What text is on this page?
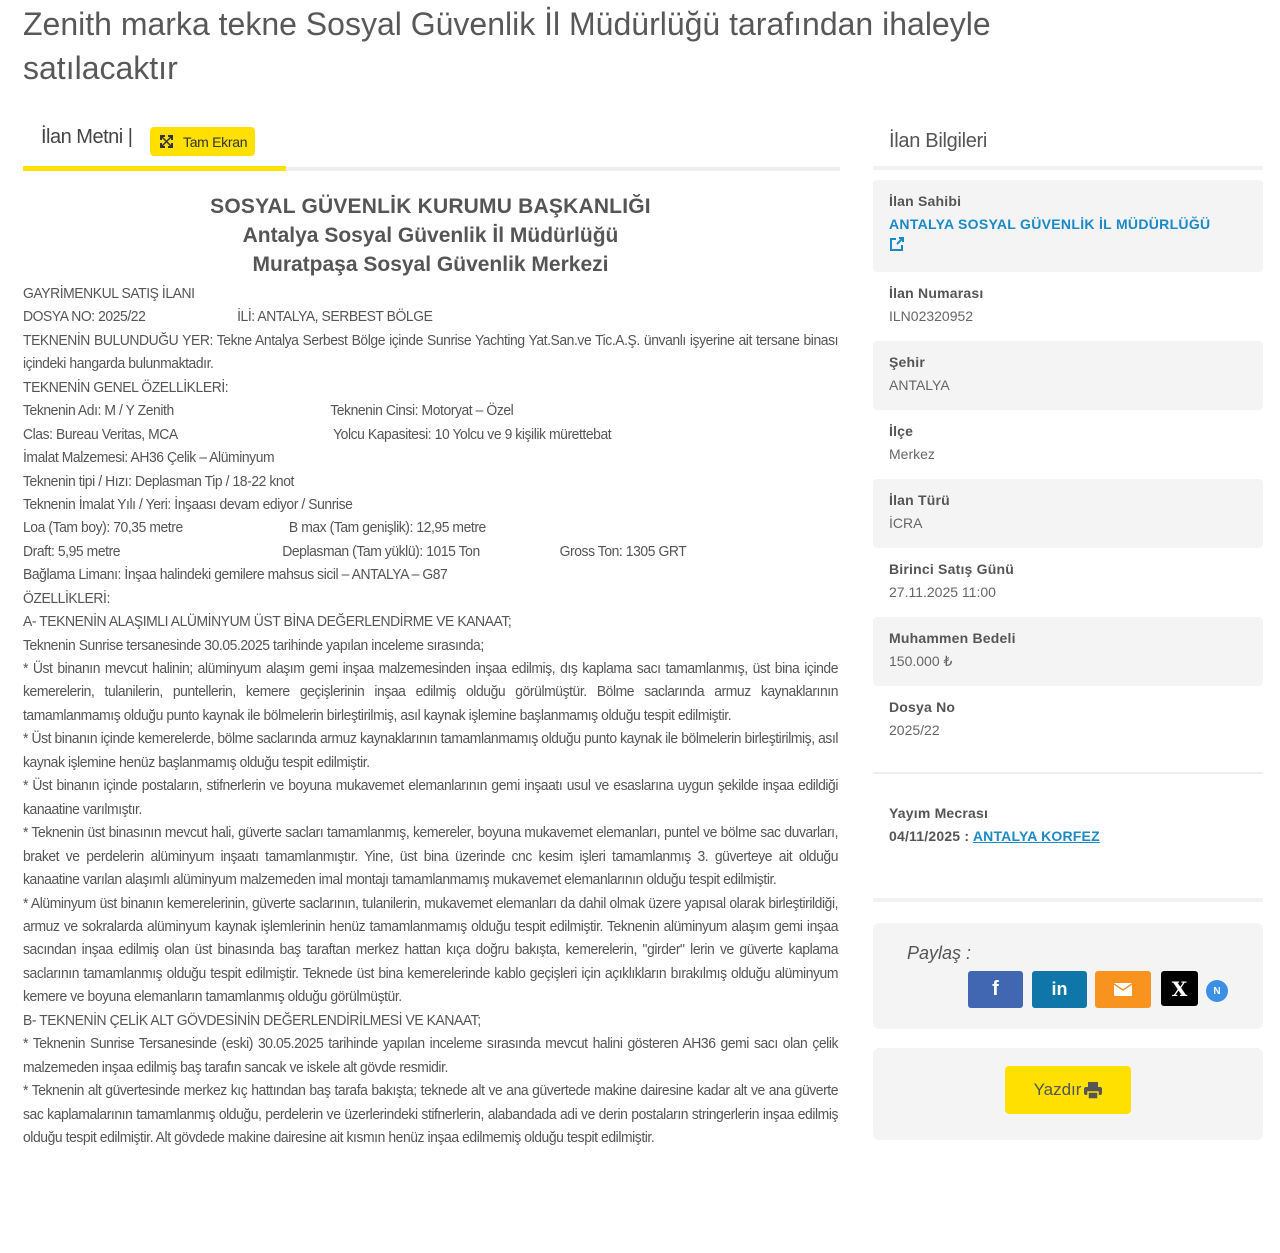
Zenith marka tekne Sosyal Güvenlik İl Müdürlüğü tarafından ihaleyle satılacaktır
İlan Metni |	Tam Ekran
SOSYAL GÜVENLİK KURUMU BAŞKANLIĞI
Antalya Sosyal Güvenlik İl Müdürlüğü
Muratpaşa Sosyal Güvenlik Merkezi
GAYRİMENKUL SATIŞ İLANI
DOSYA NO: 2025/22	İLİ: ANTALYA, SERBEST BÖLGE

TEKNENİN BULUNDUĞU YER: Tekne Antalya Serbest Bölge içinde Sunrise Yachting Yat.San.ve Tic.A.Ş. ünvanlı işyerine ait tersane binası içindeki hangarda bulunmaktadır.

TEKNENİN GENEL ÖZELLİKLERİ:
Teknenin Adı: M / Y Zenith	Teknenin Cinsi: Motoryat – Özel
Clas: Bureau Veritas, MCA	Yolcu Kapasitesi: 10 Yolcu ve 9 kişilik mürettebat
İmalat Malzemesi: AH36 Çelik – Alüminyum
Teknenin tipi / Hızı: Deplasman Tip / 18-22 knot
Teknenin İmalat Yılı / Yeri: İnşaası devam ediyor / Sunrise
Loa (Tam boy): 70,35 metre	B max (Tam genişlik): 12,95 metre
Draft: 5,95 metre	Deplasman (Tam yüklü): 1015 Ton	Gross Ton: 1305 GRT
Bağlama Limanı: İnşaa halindeki gemilere mahsus sicil – ANTALYA – G87
ÖZELLİKLERİ:
A- TEKNENİN ALAŞIMLI ALÜMİNYUM ÜST BİNA DEĞERLENDİRME VE KANAAT;
Teknenin Sunrise tersanesinde 30.05.2025 tarihinde yapılan inceleme sırasında;

* Üst binanın mevcut halinin; alüminyum alaşım gemi inşaa malzemesinden inşaa edilmiş, dış kaplama sacı tamamlanmış, üst bina içinde kemerelerin, tulanilerin, puntellerin, kemere geçişlerinin inşaa edilmiş olduğu görülmüştür. Bölme saclarında armuz kaynaklarının tamamlanmamış olduğu punto kaynak ile bölmelerin birleştirilmiş, asıl kaynak işlemine başlanmamış olduğu tespit edilmiştir.

* Üst binanın içinde kemerelerde, bölme saclarında armuz kaynaklarının tamamlanmamış olduğu punto kaynak ile bölmelerin birleştirilmiş, asıl kaynak işlemine henüz başlanmamış olduğu tespit edilmiştir.

* Üst binanın içinde postaların, stifnerlerin ve boyuna mukavemet elemanlarının gemi inşaatı usul ve esaslarına uygun şekilde inşaa edildiği kanaatine varılmıştır.

* Teknenin üst binasının mevcut hali, güverte sacları tamamlanmış, kemereler, boyuna mukavemet elemanları, puntel ve bölme sac duvarları, braket ve perdelerin alüminyum inşaatı tamamlanmıştır. Yine, üst bina üzerinde cnc kesim işleri tamamlanmış 3. güverteye ait olduğu kanaatine varılan alaşımlı alüminyum malzemeden imal montajı tamamlanmamış mukavemet elemanlarının olduğu tespit edilmiştir.

* Alüminyum üst binanın kemerelerinin, güverte saclarının, tulanilerin, mukavemet elemanları da dahil olmak üzere yapısal olarak birleştirildiği, armuz ve sokralarda alüminyum kaynak işlemlerinin henüz tamamlanmamış olduğu tespit edilmiştir. Teknenin alüminyum alaşım gemi inşaa sacından inşaa edilmiş olan üst binasında baş taraftan merkez hattan kıça doğru bakışta, kemerelerin, "girder" lerin ve güverte kaplama saclarının tamamlanmış olduğu tespit edilmiştir. Teknede üst bina kemerelerinde kablo geçişleri için açıklıkların bırakılmış olduğu alüminyum kemere ve boyuna elemanların tamamlanmış olduğu görülmüştür.

B- TEKNENİN ÇELİK ALT GÖVDESİNİN DEĞERLENDİRİLMESİ VE KANAAT;

* Teknenin Sunrise Tersanesinde (eski) 30.05.2025 tarihinde yapılan inceleme sırasında mevcut halini gösteren AH36 gemi sacı olan çelik malzemeden inşaa edilmiş baş tarafın sancak ve iskele alt gövde resmidir.

* Teknenin alt güvertesinde merkez kıç hattından baş tarafa bakışta; teknede alt ve ana güvertede makine dairesine kadar alt ve ana güverte sac kaplamalarının tamamlanmış olduğu, perdelerin ve üzerlerindeki stifnerlerin, alabandada adi ve derin postaların stringerlerin inşaa edilmiş olduğu tespit edilmiştir. Alt gövdede makine dairesine ait kısmın henüz inşaa edilmemiş olduğu tespit edilmiştir.

İlan Bilgileri
İlan Sahibi
ANTALYA SOSYAL GÜVENLİK İL MÜDÜRLÜĞÜ
İlan Numarası
ILN02320952
Şehir
ANTALYA
İlçe
Merkez
İlan Türü
İCRA
Birinci Satış Günü
27.11.2025 11:00
Muhammen Bedeli
150.000 ₺
Dosya No
2025/22
Yayım Mecrası
04/11/2025 : ANTALYA KORFEZ
Paylaş :
f	in	X	N
Yazdır
